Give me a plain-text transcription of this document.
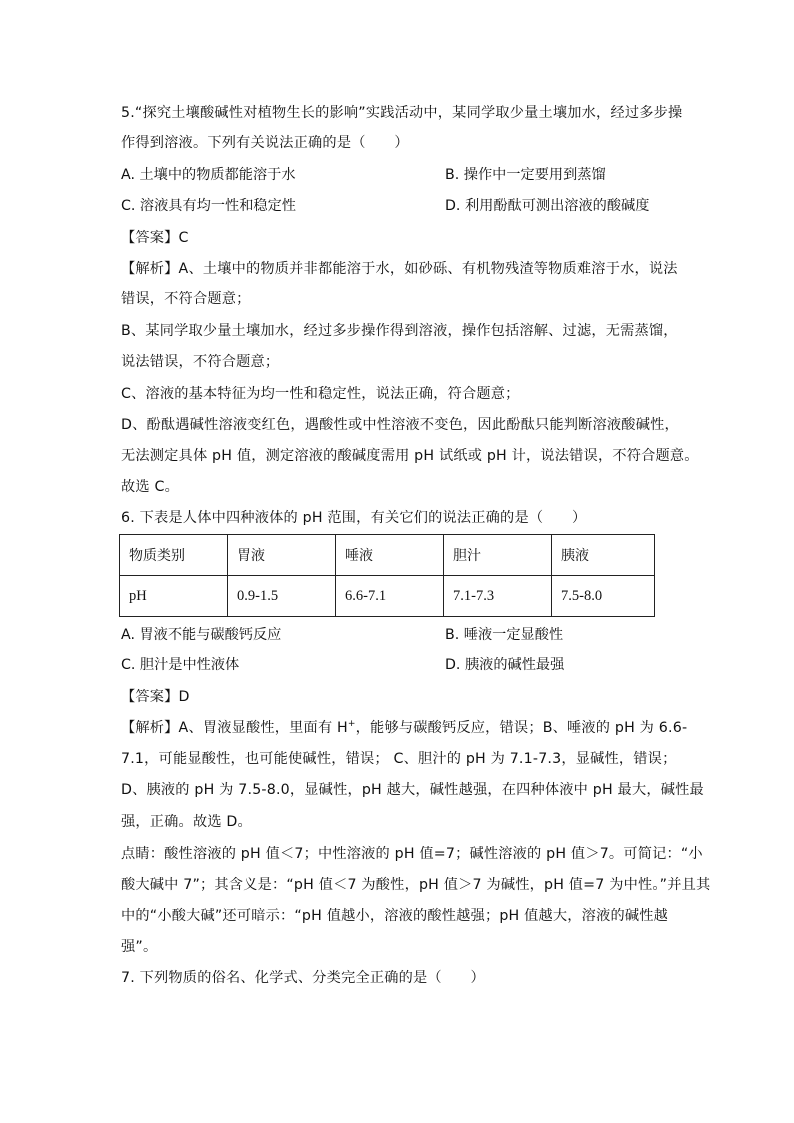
5.“探究土壤酸碱性对植物生长的影响”实践活动中，某同学取少量土壤加水，经过多步操
作得到溶液。下列有关说法正确的是（　　）
A. 土壤中的物质都能溶于水	B. 操作中一定要用到蒸馏
C. 溶液具有均一性和稳定性	D. 利用酚酞可测出溶液的酸碱度
【答案】C
【解析】A、土壤中的物质并非都能溶于水，如砂砾、有机物残渣等物质难溶于水，说法
错误，不符合题意；
B、某同学取少量土壤加水，经过多步操作得到溶液，操作包括溶解、过滤，无需蒸馏，
说法错误，不符合题意；
C、溶液的基本特征为均一性和稳定性，说法正确，符合题意；
D、酚酞遇碱性溶液变红色，遇酸性或中性溶液不变色，因此酚酞只能判断溶液酸碱性，
无法测定具体 pH 值，测定溶液的酸碱度需用 pH 试纸或 pH 计，说法错误，不符合题意。
故选 C。
6. 下表是人体中四种液体的 pH 范围，有关它们的说法正确的是（　　）
物质类别	胃液	唾液	胆汁	胰液
pH	0.9-1.5	6.6-7.1	7.1-7.3	7.5-8.0
A. 胃液不能与碳酸钙反应	B. 唾液一定显酸性
C. 胆汁是中性液体	D. 胰液的碱性最强
【答案】D
【解析】A、胃液显酸性，里面有 H+，能够与碳酸钙反应，错误；B、唾液的 pH 为 6.6-
7.1，可能显酸性，也可能使碱性，错误； C、胆汁的 pH 为 7.1-7.3，显碱性，错误；
D、胰液的 pH 为 7.5-8.0，显碱性，pH 越大，碱性越强，在四种体液中 pH 最大，碱性最
强，正确。故选 D。
点睛：酸性溶液的 pH 值＜7；中性溶液的 pH 值=7；碱性溶液的 pH 值＞7。可简记：“小
酸大碱中 7”；其含义是：“pH 值＜7 为酸性，pH 值＞7 为碱性，pH 值=7 为中性。”并且其
中的“小酸大碱”还可暗示：“pH 值越小，溶液的酸性越强；pH 值越大，溶液的碱性越
强”。
7. 下列物质的俗名、化学式、分类完全正确的是（　　）
